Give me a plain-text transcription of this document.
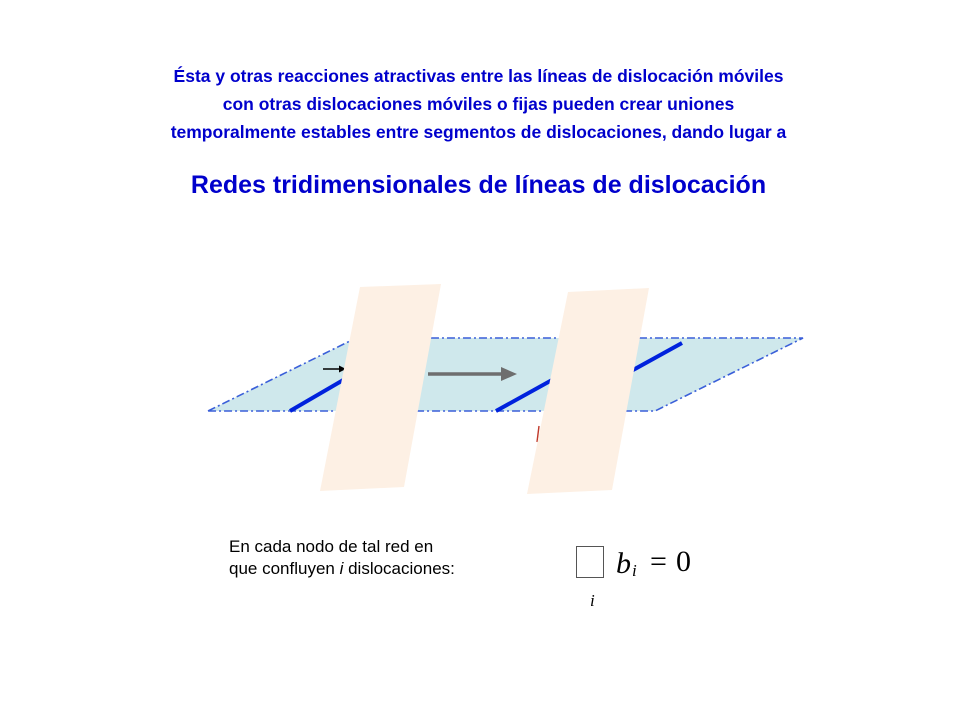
Ésta y otras reacciones atractivas entre las líneas de dislocación móviles
con otras dislocaciones móviles o fijas pueden crear uniones
temporalmente estables entre segmentos de dislocaciones, dando lugar a
Redes tridimensionales de líneas de dislocación
En cada nodo de tal red en
que confluyen i dislocaciones:	b i = 0
i
